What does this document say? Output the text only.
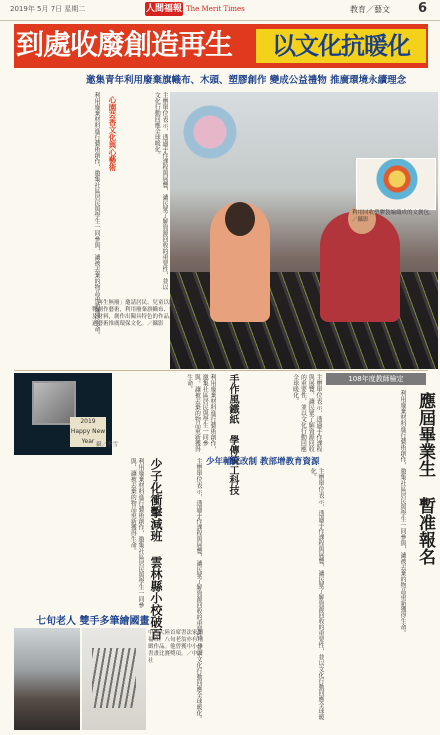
2019年 5月 7日 星期二	人間福報 The Merit Times	教育／藝文 6
到處收廢創造再生	以文化抗暖化
邀集青年利用廢棄旗幟布、木頭、塑膠創作 變成公益禮物 推廣環境永續理念
利用廢棄材料進行藝術創作，邀集社區居民與學生一同參與，讓被丟棄的物品重新獲得生命。	主辦單位表示，透過手作課程與展覽，讓民眾了解資源回收的重要性，並以文化行動回應全球暖化。
心園芸香文化與心藝術
「再生無廢」邀請居民、兒童以廢棄物創作藝術，利用廢棄旗幟布、塑膠及材料，創作出獨具特色的作品，透過藝術推廣環保文化。／攝影
利用回收塑膠袋編織成的文創包。／攝影
2019 Happy New Year 攝／李雪	利用廢棄材料進行藝術創作，邀集社區居民與學生一同參與，讓被丟棄的物品重新獲得生命。	手作風鐵紙 學傳統工科技	主辦單位表示，透過手作課程與展覽，讓民眾了解資源回收的重要性，並以文化行動回應全球暖化。	108年度教師檢定
應屆畢業生 暫准報名
利用廢棄材料進行藝術創作，邀集社區居民與學生一同參與，讓被丟棄的物品重新獲得生命。
少年輔院改制 教部增教育資源
主辦單位表示，透過手作課程與展覽，讓民眾了解資源回收的重要性，並以文化行動回應全球暖化。
少子化衝擊減班 雲林縣小校破百
利用廢棄材料進行藝術創作，邀集社區居民與學生一同參與，讓被丟棄的物品重新獲得生命。	主辦單位表示，透過手作課程與展覽，讓民眾了解資源回收的重要性，並以文化行動回應全球暖化。
七旬老人 雙手多筆繪國畫
中國大陸首席書法家劉福峰，八旬老翁亦有精緻作品。他曾獲中小學書畫比賽獎項。／中新社
